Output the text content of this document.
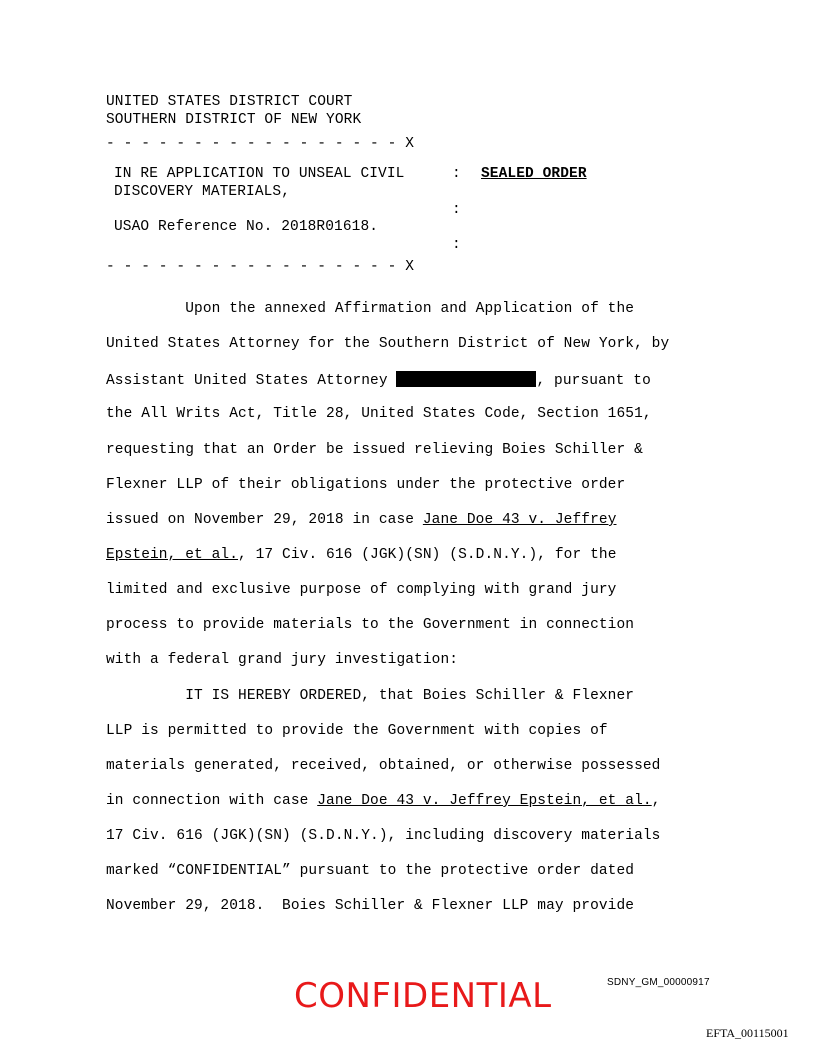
UNITED STATES DISTRICT COURT
SOUTHERN DISTRICT OF NEW YORK
- - - - - - - - - - - - - - - - - X
IN RE APPLICATION TO UNSEAL CIVIL
DISCOVERY MATERIALS,
USAO Reference No. 2018R01618.
:
:
:
SEALED ORDER
- - - - - - - - - - - - - - - - - X
Upon the annexed Affirmation and Application of the
United States Attorney for the Southern District of New York, by
Assistant United States Attorney	, pursuant to
the All Writs Act, Title 28, United States Code, Section 1651,
requesting that an Order be issued relieving Boies Schiller &
Flexner LLP of their obligations under the protective order
issued on November 29, 2018 in case Jane Doe 43 v. Jeffrey
Epstein, et al., 17 Civ. 616 (JGK)(SN) (S.D.N.Y.), for the
limited and exclusive purpose of complying with grand jury
process to provide materials to the Government in connection
with a federal grand jury investigation:
IT IS HEREBY ORDERED, that Boies Schiller & Flexner
LLP is permitted to provide the Government with copies of
materials generated, received, obtained, or otherwise possessed
in connection with case Jane Doe 43 v. Jeffrey Epstein, et al.,
17 Civ. 616 (JGK)(SN) (S.D.N.Y.), including discovery materials
marked “CONFIDENTIAL” pursuant to the protective order dated
November 29, 2018.  Boies Schiller & Flexner LLP may provide
CONFIDENTIAL	SDNY_GM_00000917
EFTA_00115001
